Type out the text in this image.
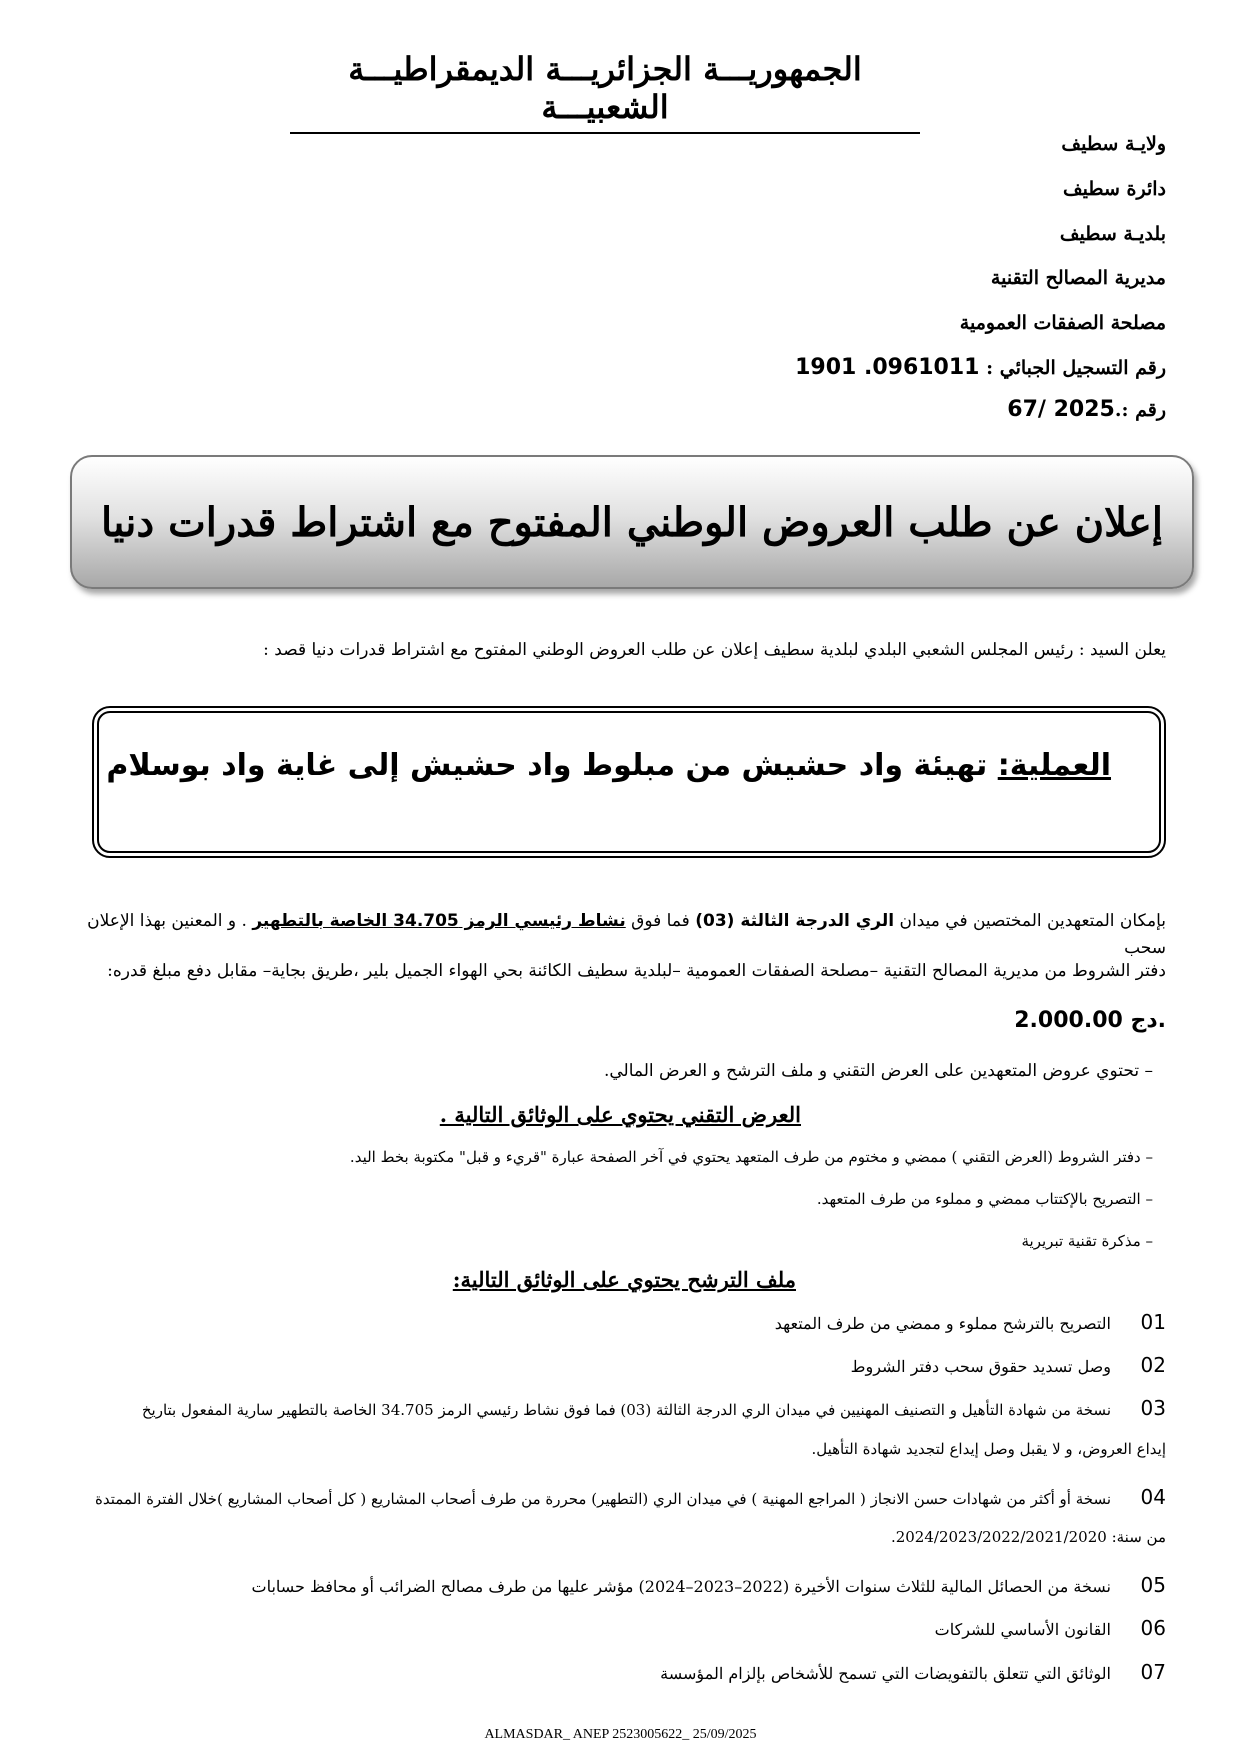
الجمهوريـــة الجزائريـــة الديمقراطيـــة الشعبيـــة
ولايـة سطيف
دائرة سطيف
بلديـة سطيف
مديرية المصالح التقنية
مصلحة الصفقات العمومية
رقم التسجيل الجبائي : 1901 .0961011
رقم :.67/ 2025
إعلان عن طلب العروض الوطني المفتوح مع اشتراط قدرات دنيا
يعلن السيد : رئيس المجلس الشعبي البلدي لبلدية سطيف إعلان عن طلب العروض الوطني المفتوح مع اشتراط قدرات دنيا قصد :
العملية: تهيئة واد حشيش من مبلوط واد حشيش إلى غاية واد بوسلام
بإمكان المتعهدين المختصين في ميدان الري الدرجة الثالثة (03) فما فوق نشاط رئيسي الرمز 34.705 الخاصة بالتطهير . و المعنين بهذا الإعلان سحب
دفتر الشروط من مديرية المصالح التقنية –مصلحة الصفقات العمومية –لبلدية سطيف الكائنة بحي الهواء الجميل بلير ،طريق بجاية– مقابل دفع مبلغ قدره:
2.000.00 دج.
– تحتوي عروض المتعهدين على العرض التقني و ملف الترشح و العرض المالي.
العرض التقني يحتوي على الوثائق التالية .
– دفتر الشروط (العرض التقني ) ممضي و مختوم من طرف المتعهد يحتوي في آخر الصفحة عبارة "قريء و قبل" مكتوبة بخط اليد.
– التصريح بالإكتتاب ممضي و مملوء من طرف المتعهد.
– مذكرة تقنية تبريرية
ملف الترشح يحتوي على الوثائق التالية:
01التصريح بالترشح مملوء و ممضي من طرف المتعهد
02وصل تسديد حقوق سحب دفتر الشروط
03نسخة من شهادة التأهيل و التصنيف المهنيين في ميدان الري الدرجة الثالثة (03) فما فوق نشاط رئيسي الرمز 34.705 الخاصة بالتطهير سارية المفعول بتاريخ
إيداع العروض، و لا يقبل وصل إيداع لتجديد شهادة التأهيل.
04نسخة أو أكثر من شهادات حسن الانجاز ( المراجع المهنية ) في ميدان الري (التطهير) محررة من طرف أصحاب المشاريع ( كل أصحاب المشاريع )خلال الفترة الممتدة
من سنة: 2024/2023/2022/2021/2020.
05نسخة من الحصائل المالية للثلاث سنوات الأخيرة (2022–2023–2024) مؤشر عليها من طرف مصالح الضرائب أو محافظ حسابات
06القانون الأساسي للشركات
07الوثائق التي تتعلق بالتفويضات التي تسمح للأشخاص بإلزام المؤسسة
ALMASDAR_ ANEP 2523005622_ 25/09/2025
